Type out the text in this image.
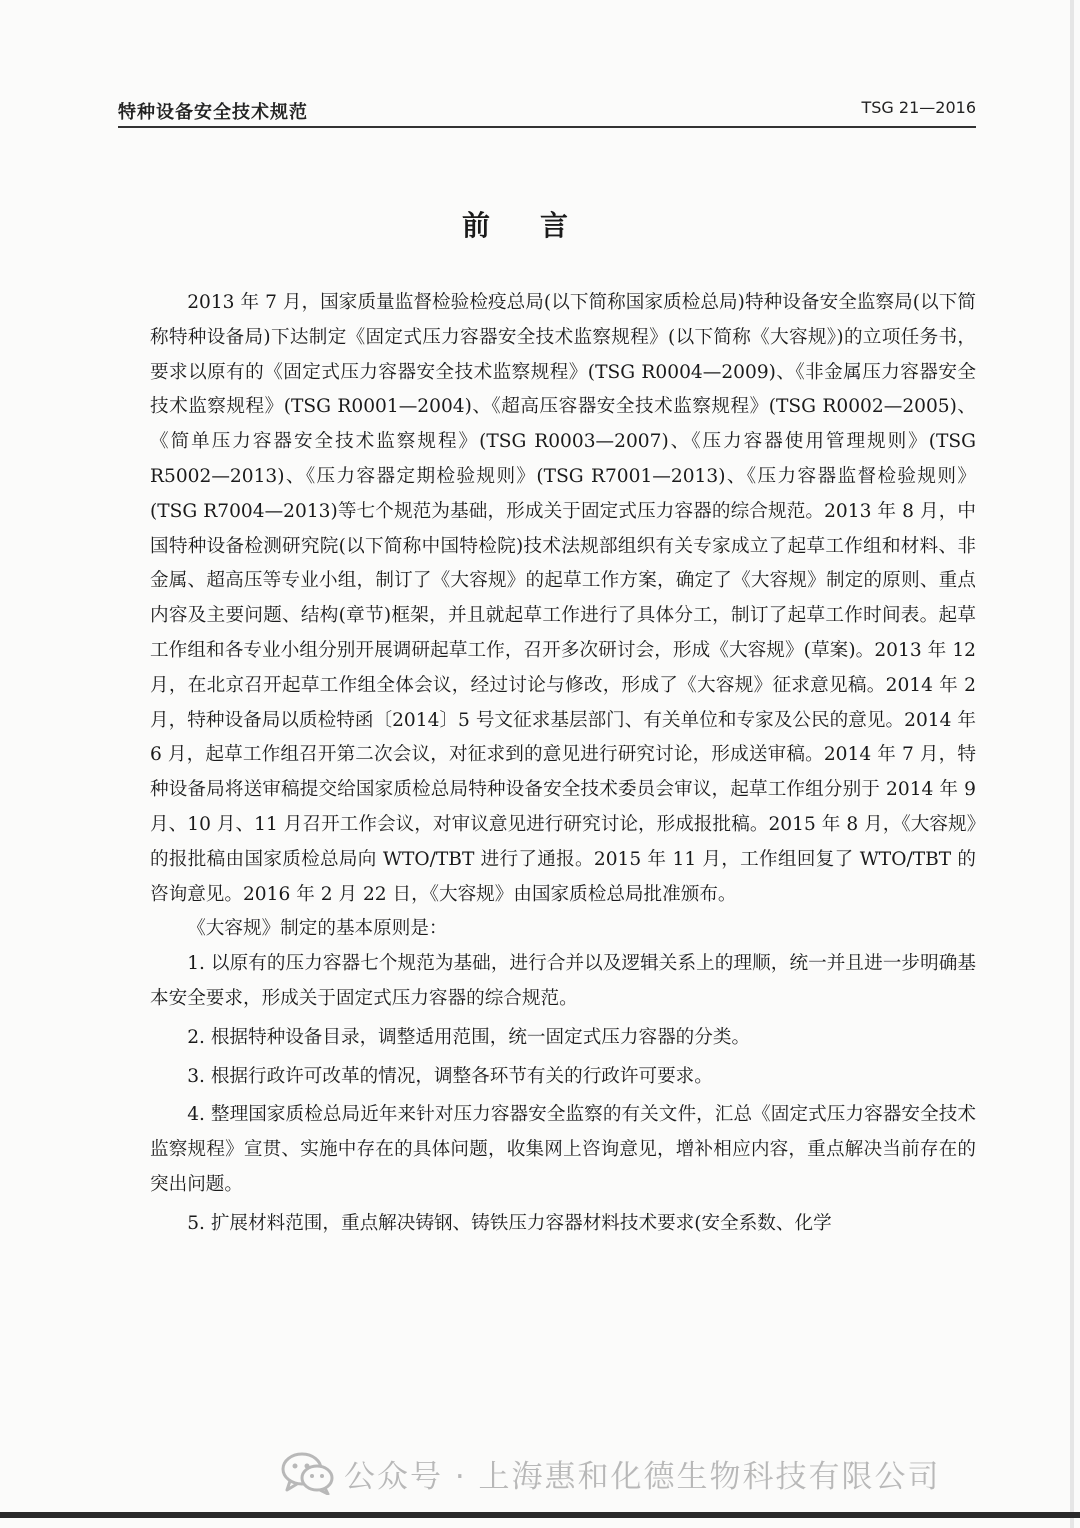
特种设备安全技术规范	TSG 21—2016
前言

2013 年 7 月，国家质量监督检验检疫总局(以下简称国家质检总局)特种设备安全监察局(以下简称特种设备局)下达制定《固定式压力容器安全技术监察规程》(以下简称《大容规》)的立项任务书，要求以原有的《固定式压力容器安全技术监察规程》(TSG R0004—2009)、《非金属压力容器安全技术监察规程》(TSG R0001—2004)、《超高压容器安全技术监察规程》(TSG R0002—2005)、《简单压力容器安全技术监察规程》(TSG R0003—2007)、《压力容器使用管理规则》(TSG R5002—2013)、《压力容器定期检验规则》(TSG R7001—2013)、《压力容器监督检验规则》(TSG R7004—2013)等七个规范为基础，形成关于固定式压力容器的综合规范。2013 年 8 月，中国特种设备检测研究院(以下简称中国特检院)技术法规部组织有关专家成立了起草工作组和材料、非金属、超高压等专业小组，制订了《大容规》的起草工作方案，确定了《大容规》制定的原则、重点内容及主要问题、结构(章节)框架，并且就起草工作进行了具体分工，制订了起草工作时间表。起草工作组和各专业小组分别开展调研起草工作，召开多次研讨会，形成《大容规》(草案)。2013 年 12 月，在北京召开起草工作组全体会议，经过讨论与修改，形成了《大容规》征求意见稿。2014 年 2 月，特种设备局以质检特函〔2014〕5 号文征求基层部门、有关单位和专家及公民的意见。2014 年 6 月，起草工作组召开第二次会议，对征求到的意见进行研究讨论，形成送审稿。2014 年 7 月，特种设备局将送审稿提交给国家质检总局特种设备安全技术委员会审议，起草工作组分别于 2014 年 9 月、10 月、11 月召开工作会议，对审议意见进行研究讨论，形成报批稿。2015 年 8 月，《大容规》的报批稿由国家质检总局向 WTO/TBT 进行了通报。2015 年 11 月，工作组回复了 WTO/TBT 的咨询意见。2016 年 2 月 22 日，《大容规》由国家质检总局批准颁布。

《大容规》制定的基本原则是：

1. 以原有的压力容器七个规范为基础，进行合并以及逻辑关系上的理顺，统一并且进一步明确基本安全要求，形成关于固定式压力容器的综合规范。

2. 根据特种设备目录，调整适用范围，统一固定式压力容器的分类。

3. 根据行政许可改革的情况，调整各环节有关的行政许可要求。

4. 整理国家质检总局近年来针对压力容器安全监察的有关文件，汇总《固定式压力容器安全技术监察规程》宣贯、实施中存在的具体问题，收集网上咨询意见，增补相应内容，重点解决当前存在的突出问题。

5. 扩展材料范围，重点解决铸钢、铸铁压力容器材料技术要求(安全系数、化学

公众号 · 上海惠和化德生物科技有限公司
